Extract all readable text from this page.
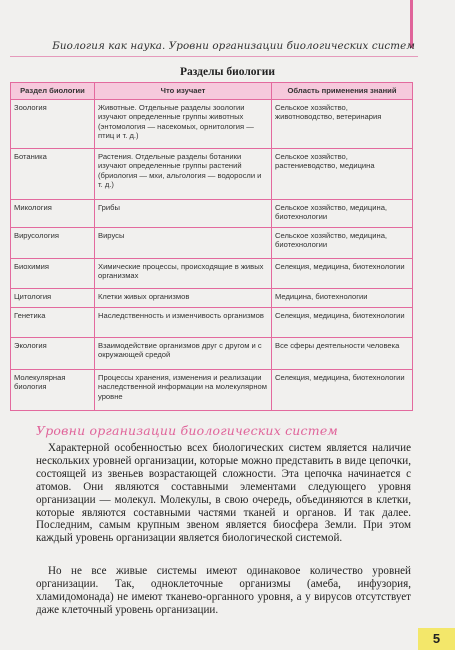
Биология как наука. Уровни организации биологических систем
Разделы биологии
Раздел биологии	Что изучает	Область применения знаний
Зоология	Животные. Отдельные разделы зоологии изучают определенные группы животных (энтомология — насекомых, орнитология — птиц и т. д.)	Сельское хозяйство, животноводство, ветеринария
Ботаника	Растения. Отдельные разделы ботаники изучают определенные группы растений (бриология — мхи, альгология — водоросли и т. д.)	Сельское хозяйство, растениеводство, медицина
Микология	Грибы	Сельское хозяйство, медицина, биотехнологии
Вирусология	Вирусы	Сельское хозяйство, медицина, биотехнологии
Биохимия	Химические процессы, происходящие в живых организмах	Селекция, медицина, биотехнологии
Цитология	Клетки живых организмов	Медицина, биотехнологии
Генетика	Наследственность и изменчивость организмов	Селекция, медицина, биотехнологии
Экология	Взаимодействие организмов друг с другом и с окружающей средой	Все сферы деятельности человека
Молекулярная биология	Процессы хранения, изменения и реализации наследственной информации на молекулярном уровне	Селекция, медицина, биотехнологии
Уровни организации биологических систем

Характерной особенностью всех биологических систем является наличие нескольких уровней организации, которые можно представить в виде цепочки, состоящей из звеньев возрастающей сложности. Эта цепочка начинается с атомов. Они являются составными элементами следующего уровня организации — молекул. Молекулы, в свою очередь, объединяются в клетки, которые являются составными частями тканей и органов. И так далее. Последним, самым крупным звеном является биосфера Земли. При этом каждый уровень организации является биологической системой.

Но не все живые системы имеют одинаковое количество уровней организации. Так, одноклеточные организмы (амеба, инфузория, хламидомонада) не имеют тканево-органного уровня, а у вирусов отсутствует даже клеточный уровень организации.

5
